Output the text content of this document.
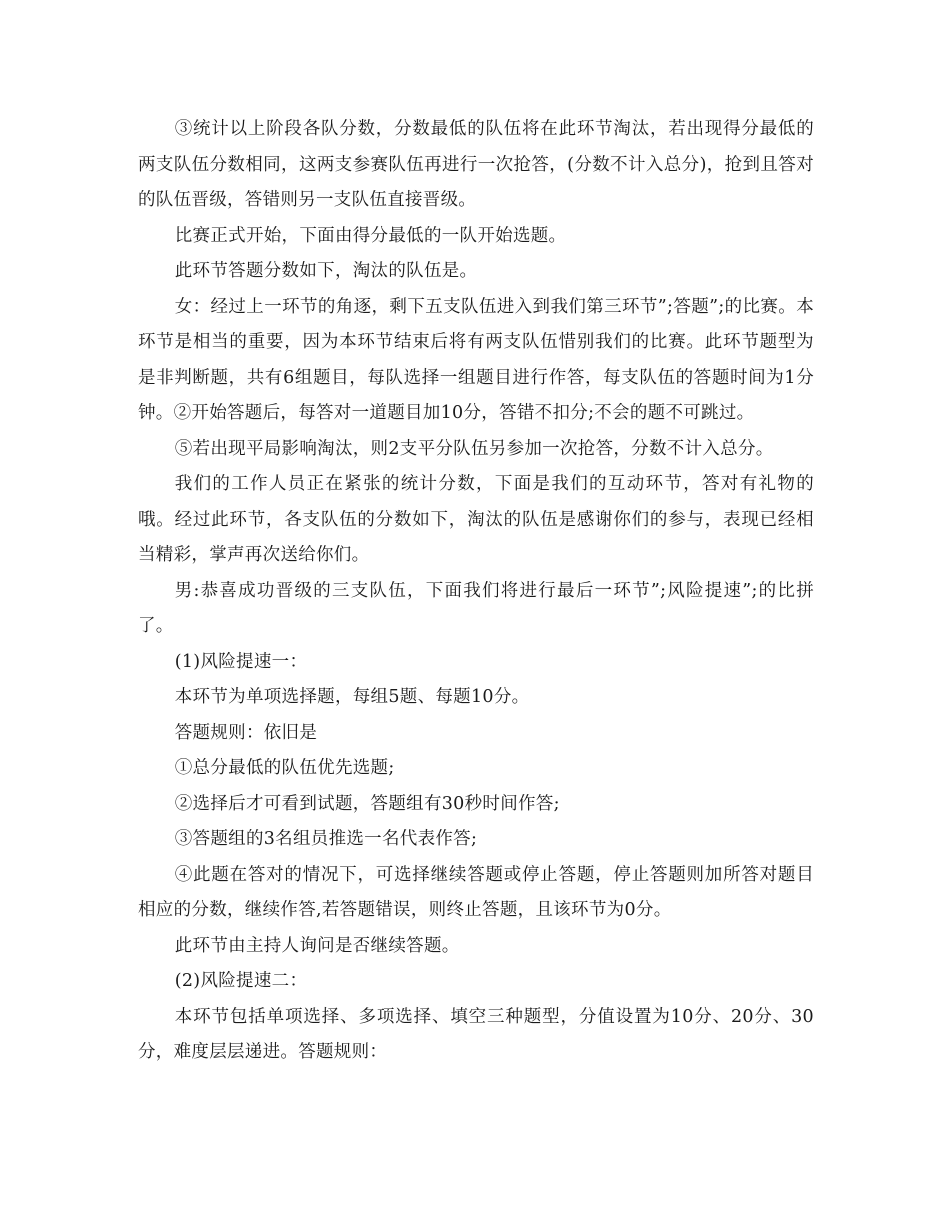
③统计以上阶段各队分数，分数最低的队伍将在此环节淘汰，若出现得分最低的两支队伍分数相同，这两支参赛队伍再进行一次抢答，(分数不计入总分)，抢到且答对的队伍晋级，答错则另一支队伍直接晋级。

比赛正式开始，下面由得分最低的一队开始选题。

此环节答题分数如下，淘汰的队伍是。

女：经过上一环节的角逐，剩下五支队伍进入到我们第三环节”;答题”;的比赛。本环节是相当的重要，因为本环节结束后将有两支队伍惜别我们的比赛。此环节题型为是非判断题，共有6组题目，每队选择一组题目进行作答，每支队伍的答题时间为1分钟。②开始答题后，每答对一道题目加10分，答错不扣分;不会的题不可跳过。

⑤若出现平局影响淘汰，则2支平分队伍另参加一次抢答，分数不计入总分。

我们的工作人员正在紧张的统计分数，下面是我们的互动环节，答对有礼物的哦。经过此环节，各支队伍的分数如下，淘汰的队伍是感谢你们的参与，表现已经相当精彩，掌声再次送给你们。

男:恭喜成功晋级的三支队伍，下面我们将进行最后一环节”;风险提速”;的比拼了。

(1)风险提速一：

本环节为单项选择题，每组5题、每题10分。

答题规则：依旧是

①总分最低的队伍优先选题;

②选择后才可看到试题，答题组有30秒时间作答;

③答题组的3名组员推选一名代表作答;

④此题在答对的情况下，可选择继续答题或停止答题，停止答题则加所答对题目相应的分数，继续作答,若答题错误，则终止答题，且该环节为0分。

此环节由主持人询问是否继续答题。

(2)风险提速二：

本环节包括单项选择、多项选择、填空三种题型，分值设置为10分、20分、30分，难度层层递进。答题规则：
